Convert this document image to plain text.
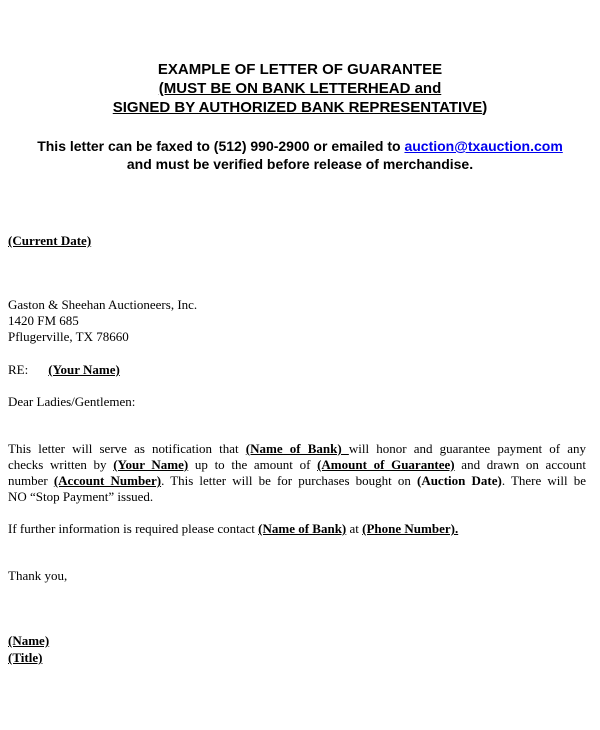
EXAMPLE OF LETTER OF GUARANTEE
(MUST BE ON BANK LETTERHEAD and
SIGNED BY AUTHORIZED BANK REPRESENTATIVE)
This letter can be faxed to (512) 990-2900 or emailed to auction@txauction.com
and must be verified before release of merchandise.
(Current Date)
Gaston & Sheehan Auctioneers, Inc.
1420 FM 685
Pflugerville, TX 78660
RE: (Your Name)
Dear Ladies/Gentlemen:
This letter will serve as notification that (Name of Bank) will honor and guarantee payment of any
checks written by (Your Name) up to the amount of (Amount of Guarantee) and drawn on account
number (Account Number). This letter will be for purchases bought on (Auction Date). There will be
NO “Stop Payment” issued.
If further information is required please contact (Name of Bank) at (Phone Number).
Thank you,
(Name)
(Title)
